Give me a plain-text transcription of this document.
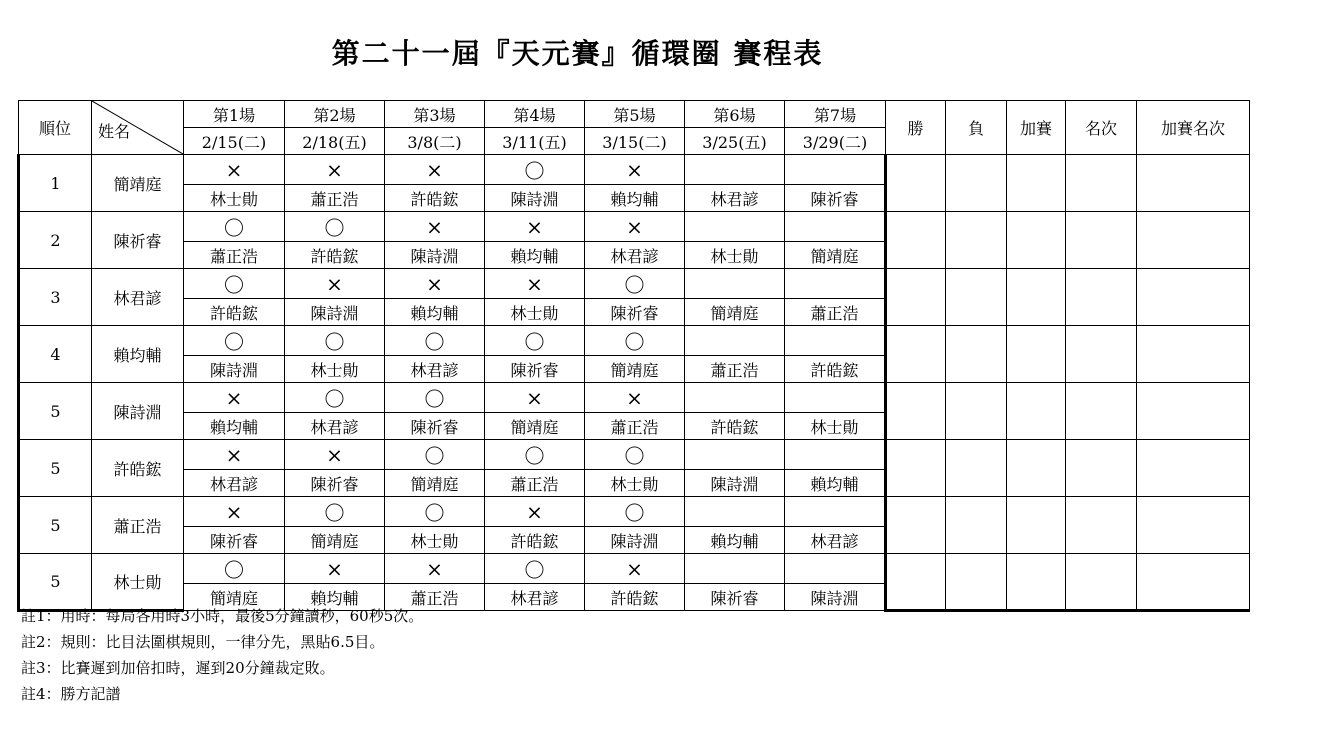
第二十一屆『天元賽』循環圈 賽程表
順位	姓名	第1場	第2場	第3場	第4場	第5場	第6場	第7場	勝	負	加賽	名次	加賽名次
		2/15(二)	2/18(五)	3/8(二)	3/11(五)	3/15(二)	3/25(五)	3/29(二)					
1	簡靖庭	×	×	×	〇	×							
		林士勛	蕭正浩	許皓鋐	陳詩淵	賴均輔	林君諺	陳祈睿					
2	陳祈睿	〇	〇	×	×	×							
		蕭正浩	許皓鋐	陳詩淵	賴均輔	林君諺	林士勛	簡靖庭					
3	林君諺	〇	×	×	×	〇							
		許皓鋐	陳詩淵	賴均輔	林士勛	陳祈睿	簡靖庭	蕭正浩					
4	賴均輔	〇	〇	〇	〇	〇							
		陳詩淵	林士勛	林君諺	陳祈睿	簡靖庭	蕭正浩	許皓鋐					
5	陳詩淵	×	〇	〇	×	×							
		賴均輔	林君諺	陳祈睿	簡靖庭	蕭正浩	許皓鋐	林士勛					
5	許皓鋐	×	×	〇	〇	〇							
		林君諺	陳祈睿	簡靖庭	蕭正浩	林士勛	陳詩淵	賴均輔					
5	蕭正浩	×	〇	〇	×	〇							
		陳祈睿	簡靖庭	林士勛	許皓鋐	陳詩淵	賴均輔	林君諺					
5	林士勛	〇	×	×	〇	×							
		簡靖庭	賴均輔	蕭正浩	林君諺	許皓鋐	陳祈睿	陳詩淵					
註1：用時：每局各用時3小時，最後5分鐘讀秒，60秒5次。
註2：規則：比目法圍棋規則，一律分先，黑貼6.5目。
註3：比賽遲到加倍扣時，遲到20分鐘裁定敗。
註4：勝方記譜
